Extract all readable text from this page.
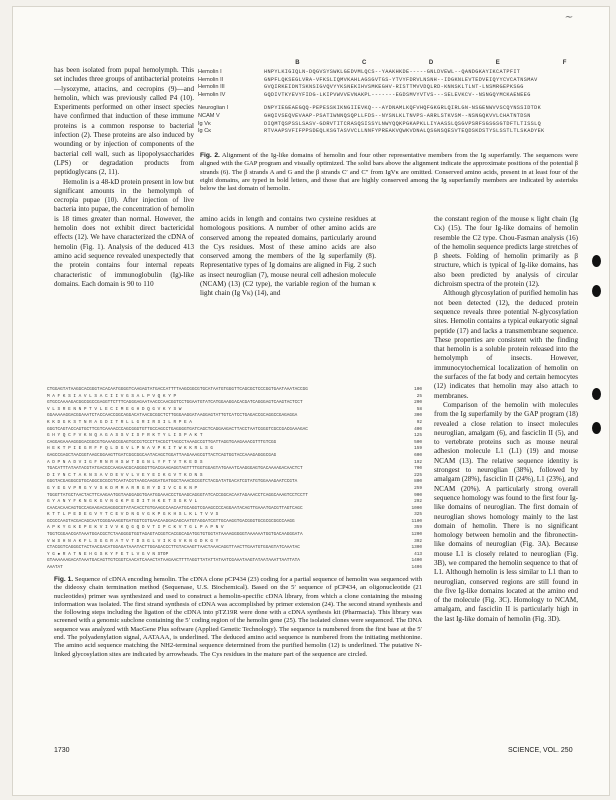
∼

has been isolated from pupal hemolymph. This set includes three groups of antibacterial proteins—lysozyme, attacins, and cecropins (9)—and hemolin, which was previously called P4 (10). Experiments performed on other insect species have confirmed that induction of these immune proteins is a common response to bacterial infection (2). These proteins are also induced by wounding or by injection of components of the bacterial cell wall, such as lipopolysaccharides (LPS) or degradation products from peptidoglycans (2, 11).

Hemolin is a 48-kD protein present in low but significant amounts in the hemolymph of cecropia pupae (10). After injection of live bacteria into pupae, the concentration of hemolin is 18 times greater than normal. However, the hemolin does not exhibit direct bactericidal effects (12). We have characterized the cDNA of hemolin (Fig. 1). Analysis of the deduced 413 amino acid sequence revealed unexpectedly that the protein contains four internal repeats characteristic of immunoglobulin (Ig)-like domains. Each domain is 90 to 110

B	C	D	E	F
Hemolin I	HNPYLKIGIQLN-DQGVSYSWKLGEDVMLQCS--YAAKHKDE-----GNLDVEWL--QANDGKAYIKCATPFIT
Hemolin II	GNPFLQKSEGLVRA-VFKSLIQMVKAHLAGSGVTGS-YTVYFDRVLNSNH--IDGKNLEVTEDVEIQYYCVCATNSMAV
Hemolin III	GVQIRKEIDNTSKNSIGVQVYYKSNEKIHVSMKEGHV-RISTTMVVDQLRD-KNNSKLTLNT-LNSMRGEPKSGG
Hemolin IV	GQDIVTKYEVYFIDG-LKIPVWVVEVNAKPL-------EGDSMVYVTVS---SELEVKCV--NSNGQYMCKAENEEG
Neuroglian I	DNPYIEGEAEGQQ-PEPESSKIKNGIIEVKQ---AYDNAMLKQFVHQFGKGRLQIRLGN-NSGENWVVSCQYNSSIDTDK
NCAM V	GHQIVSEQVEVAAP-PSATIWNNQSQPLLFDS--NYSNLKLTNVPS-ARRLSTKVSM--NSNGQKVVLCHATNTDSN
Ig Vκ	DIQMTQSPSSLSASV-GDRVTITCRASQSISSYLNWYQQKPGKAPKLLIYAASSLQSGVPSRFSGSGSGTDFTLTISSLQ
Ig Cκ	RTVAAPSVFIFPPSDEQLKSGTASVVCLLNNFYPREAKVQWKVDNALQSGNSQESVTEQDSKDSTYSLSSTLTLSKADYEK
Fig. 2. Alignment of the Ig-like domains of hemolin and four other representative members from the Ig superfamily. The sequences were aligned with the GAP program and visually optimized. The solid bars above the alignment indicate the approximate positions of the potential β strands (6). The β strands A and G and the β strands C′ and C″ from IgVκ are omitted. Conserved amino acids, present in at least four of the eight domains, are typed in bold letters, and those that are highly conserved among the Ig superfamily members are indicated by asterisks below the last domain of hemolin.

amino acids in length and contains two cysteine residues at homologous positions. A number of other amino acids are conserved among the repeated domains, particularly around the Cys residues. Most of these amino acids are also conserved among the members of the Ig superfamily (8). Representative types of Ig domains are aligned in Fig. 2 such as insect neuroglian (7), mouse neural cell adhesion molecule (NCAM) (13) (C2 type), the variable region of the human κ light chain (Ig Vκ) (14), and

the constant region of the mouse κ light chain (Ig Cκ) (15). The four Ig-like domains of hemolin resemble the C2 type. Chou-Fasman analysis (16) of the hemolin sequence predicts large stretches of β sheets. Folding of hemolin primarily as β structure, which is typical of Ig-like domains, has also been predicted by analysis of circular dichroism spectra of the protein (12).

Although glycosylation of purified hemolin has not been detected (12), the deduced protein sequence reveals three potential N-glycosylation sites. Hemolin contains a typical eukaryotic signal peptide (17) and lacks a transmembrane sequence. These properties are consistent with the finding that hemolin is a soluble protein released into the hemolymph of insects. However, immunocytochemical localization of hemolin on the surfaces of the fat body and certain hemocytes (12) indicates that hemolin may also attach to membranes.

Comparison of the hemolin with molecules from the Ig superfamily by the GAP program (18) revealed a close relation to insect molecules neuroglian, amalgam (6), and fasciclin II (5), and to vertebrate proteins such as mouse neural adhesion molecule L1 (L1) (19) and mouse NCAM (13). The relative sequence identity is strongest to neuroglian (38%), followed by amalgam (28%), fasciclin II (24%), L1 (23%), and NCAM (20%). A particularly strong overall sequence homology was found to the first four Ig-like domains of neuroglian. The first domain of neuroglian shows homology mainly to the last domain of hemolin. There is no significant homology between hemolin and the fibronectin-like domains of neuroglian (Fig. 3A). Because mouse L1 is closely related to neuroglian (Fig. 3B), we compared the hemolin sequence to that of L1. Although hemolin is less similar to L1 than to neuroglian, conserved regions are still found in the five Ig-like domains located at the amino end of the molecule (Fig. 3C). Homology to NCAM, amalgam, and fasciclin II is particularly high in the last Ig-like domain of hemolin (Fig. 3D).

CTGGAGTATAAGGCACGGGTACACAATGGGGTCAAGAGTATGACCATTTTAAGCGGCGTGCATAATGTGGGTTCAGCGCTCCCGGTGAATAAATACCGG	100
M A F K S I A V L S A C I I V G S A L P V Q K Y P	25
GTGCCAAAAGACGGCGGCCGAGGTTCTTTCAGGGAGAATAACCCAACGGTCCTGGAATGTATCATGGAAGGACACGATCAGGGAGTCAAGTACTCCT	200
V L S R E N N P T V L E C I M E G H D Q G V K Y S W	58
GGAAAAAGGACGGAAATCTACCAACCGGCAGGACATAACGCGGCTCTTGGGAAGGATAAGGAGTATTGTCATCCTGAGACCGCAGGCCGAGAGGA	300
K K D G K S T N R A G D I T R L L G R I R S I L R P E A	92
GGGTCAGTACCAGTGCTTCGTCAAAACCCAGCGGGTGTTGCCAGCCTGAGGGGTGATCAGCTCAGGAAGACTTACCTAATCGGGTCGCCGACGAAAGAC	400
G H Y Q C F V K N Q A G A S S V I S F R K T Y L I S P A K T	125
CAGGAGAAAAGGGGACGGCGTGAAAGCGGAGTGCCGTCCCTTACGCTTAGCCTAAAGCCGTTGATTAGGTGAAGAAACGTTTGTCGG	500
H E K T P I E G R F F Q L D G V L P N A V P K I T W K K R L S G	159
GAGCCGAGCTAACGGTAAGCGGAAGTTGATCGGCGGCAATACAGCTGGATTAAGAAAGCGTTACTCAGTGGTACCAAAGAGGGCGAG	600
A D P N A D V I G F R N R H S W T D G N L Y F T V T K E D S	192
TGACATTTATAATACGTATGACGCCAAGAACGCAGGGGTTGACGAAGAGGTAGTTTTGGTGGAGTATGAAATCAAGGGAGTGACAAAAGACAACTCT	700
D I Y N C T A K N S A V D E V V L V E Y E I K G V T K D N S	225
GGGTACGAGGGCGTGCAGGCGCGCGTCAATACGTAAGCAAGGATGATGGCTAAACGCGGTCTACGATATGACATCGTATGTGGAAAGAATCCGTA	800
G Y E G V P R G Y V S K D M M A R R G R Y D I V C G K N P	259
TGGGTTATGCTAACTACTTCAAGAATGGTAAGGAGGTGAATGGAAACCCTGAAGCAGGGTATCACCGGCACAATAGAAACCTCAGGCAAAGTCCTCCTT	900
G Y A N Y F K N G K G V N G K P E D I T H K E T S G K V L	292
CAACACAACAGTGCCAGAAGACGAGGGCGTATACACCTGTGAAGCCAACAATGCAGGTCGAAGCCCCAGGAATACAGTTGAAATGACGTTAGTCAGC	1000
K T T L P E D E G V Y T C E V D N G V G K P G K H S L K L T V V S	325
GCGCCAAGTACGACAGCAATCGGGAAAGGTGATGGTCGTGAACAAGGACAGCAATGTAGGATCGTTGCAAGGTGACGGGTGCGCGCGGCCAAGG	1100
A P K Y G K E P E K V I V V K Q G Q D V T I P C K V T G L P A P N V	359
TGGTCGGAACGATAAATGGACGCTCTAAGGGGTGGTAGAGTACGGTCACGGCAGATGGTGTGGTATAAAAGGGGGTAAAAAATGGTGACAAGGGATA	1200
V W S H N A K F L S G G R A T V T D S G L V I K G V K N G D K G Y	392
CTACGGTCAGGGCTACTAACGACATGGAGATAAATACTTGGAGACCCTTGTACAAGTTAACTAAACAGGTTAACTTGAATGTGGAGTATCAAATAC	1300
Y G ● R A T N E H G S K Y F E T L V G V N STOP	413
GTAAAAAAGACATAAATGACAGTTGTCGGTCAACATCAAACTATAAGAACTTTTAGGTTATATTATAATCGAAATAAGTATAATAAATTAATTATA	1400
AAATAT	1406
Fig. 1. Sequence of cDNA encoding hemolin. The cDNA clone pCP434 (23) coding for a partial sequence of hemolin was sequenced with the dideoxy chain termination method (Sequenase, U.S. Biochemical). Based on the 5′ sequence of pCP434, an oligonucleotide (21 nucleotides) primer was synthesized and used to construct a hemolin-specific cDNA library, from which a clone containing the missing information was isolated. The first strand synthesis of cDNA was accomplished by primer extension (24). The second strand synthesis and the following steps including the ligation of the cDNA into pTZ19R were done with a cDNA synthesis kit (Pharmacia). This library was screened with a genomic subclone containing the 5′ coding region of the hemolin gene (25). The isolated clones were sequenced. The DNA sequence was analyzed with MacGene Plus software (Applied Genetic Technology). The sequence is numbered from the first base at the 5′ end. The polyadenylation signal, AATAAA, is underlined. The deduced amino acid sequence is numbered from the initiating methionine. The amino acid sequence matching the NH2-terminal sequence determined from the purified hemolin (12) is underlined. The putative N-linked glycosylation sites are indicated by arrowheads. The Cys residues in the mature part of the sequence are circled.
1730	SCIENCE, VOL. 250
